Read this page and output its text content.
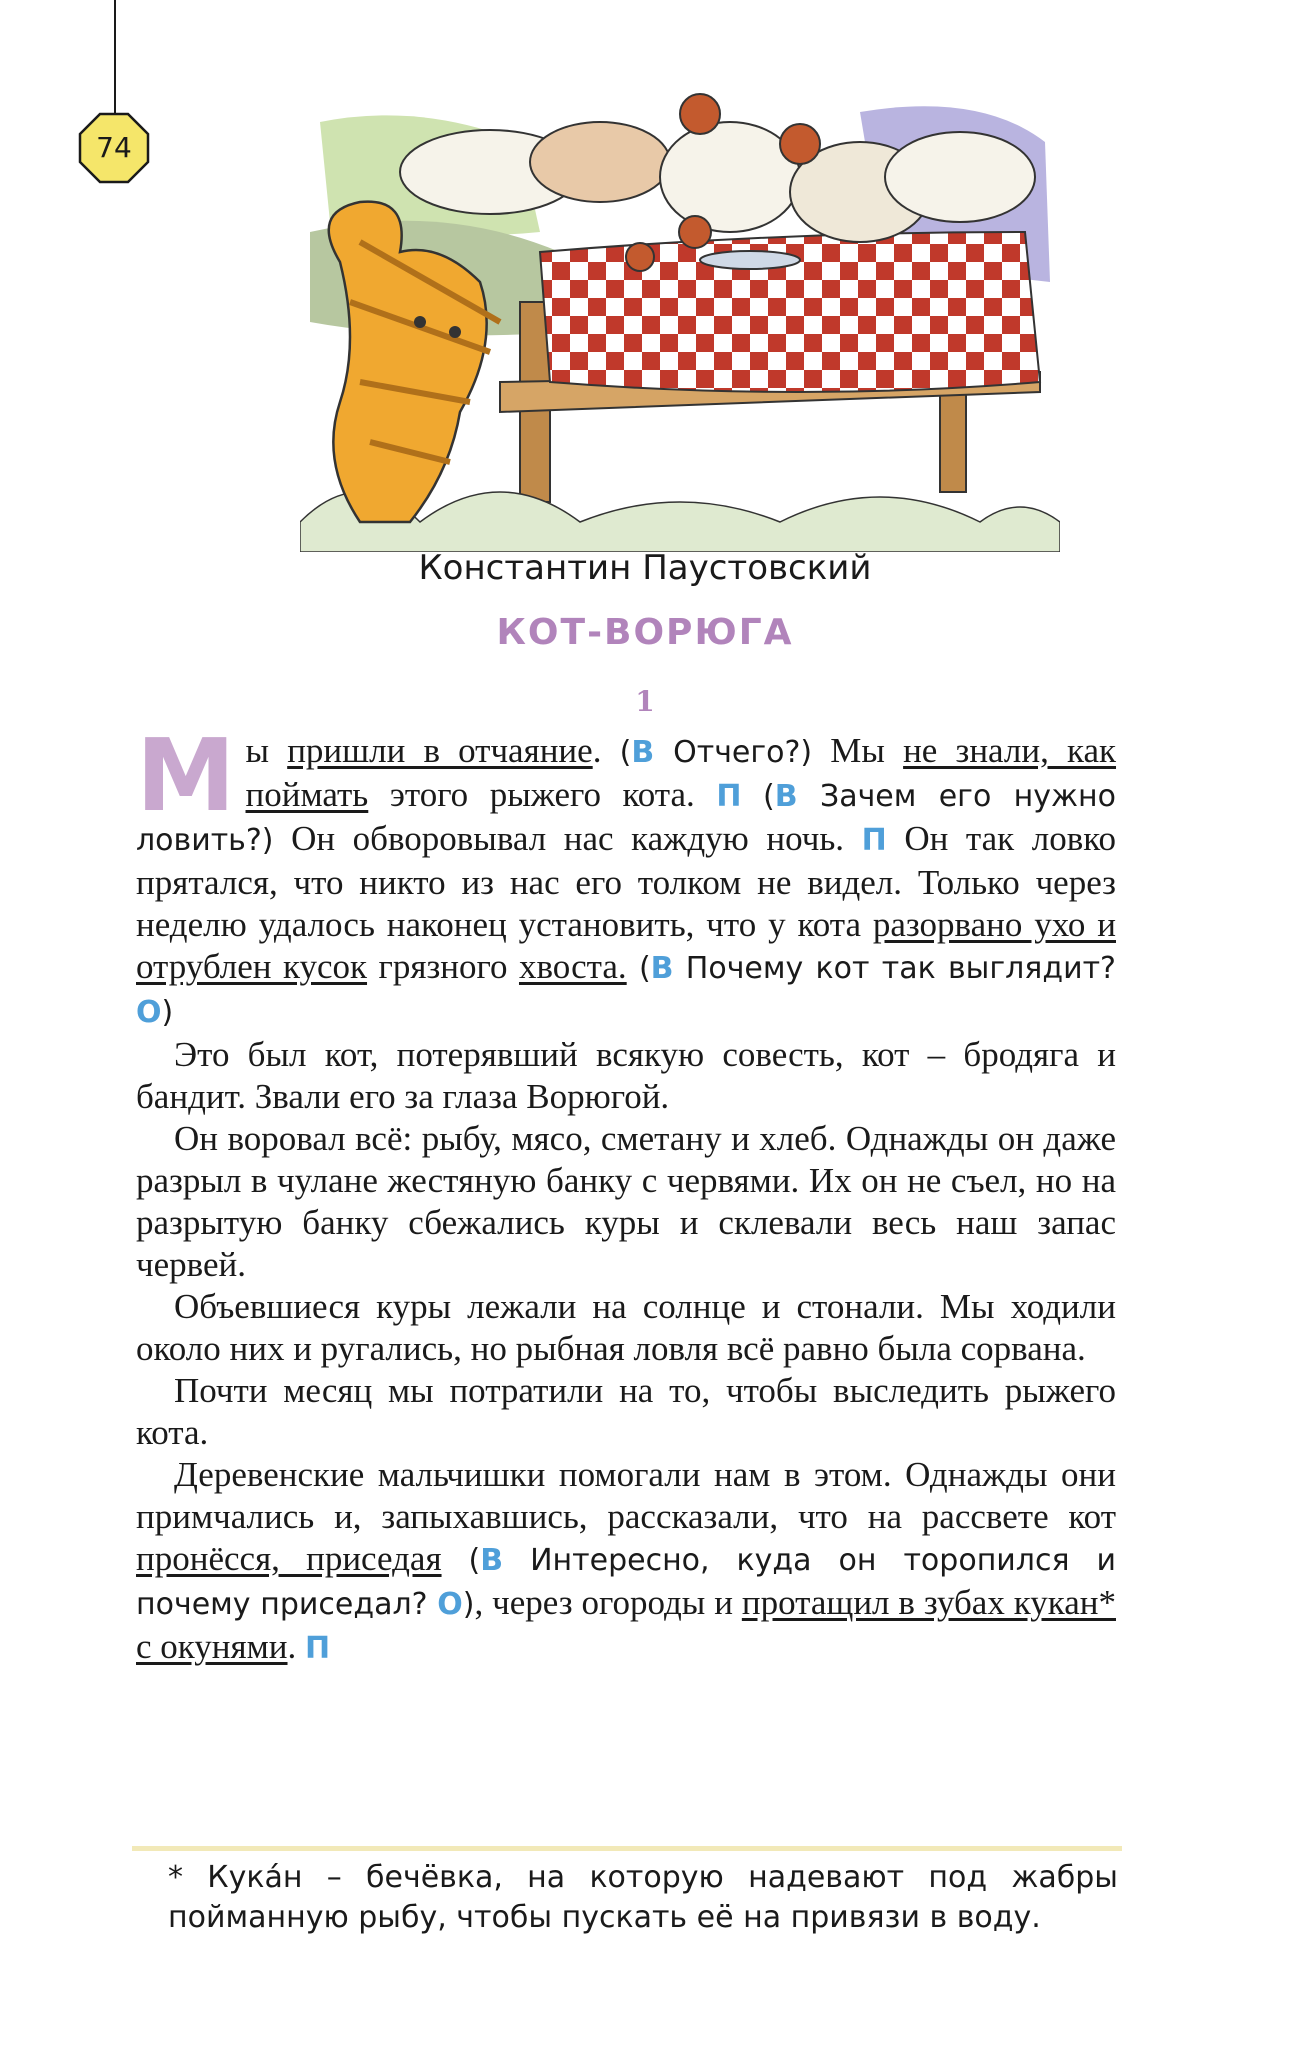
74
Константин Паустовский
КОТ-ВОРЮГА
1

Мы пришли в отчаяние. (В Отчего?) Мы не знали, как поймать этого рыжего кота. П (В Зачем его нужно ловить?) Он обворовывал нас каждую ночь. П Он так ловко прятался, что никто из нас его толком не видел. Только через неделю удалось наконец установить, что у кота разорвано ухо и отрублен кусок грязного хвоста. (В Почему кот так выглядит? О)

Это был кот, потерявший всякую совесть, кот – бродяга и бандит. Звали его за глаза Ворюгой.

Он воровал всё: рыбу, мясо, сметану и хлеб. Однажды он даже разрыл в чулане жестяную банку с червями. Их он не съел, но на разрытую банку сбежались куры и склевали весь наш запас червей.

Объевшиеся куры лежали на солнце и стонали. Мы ходили около них и ругались, но рыбная ловля всё равно была сорвана.

Почти месяц мы потратили на то, чтобы выследить рыжего кота.

Деревенские мальчишки помогали нам в этом. Однажды они примчались и, запыхавшись, рассказали, что на рассвете кот пронёсся, приседая (В Интересно, куда он торопился и почему приседал? О), через огороды и протащил в зубах кукан* с окунями. П

* Кука́н – бечёвка, на которую надевают под жабры пойманную рыбу, чтобы пускать её на привязи в воду.
